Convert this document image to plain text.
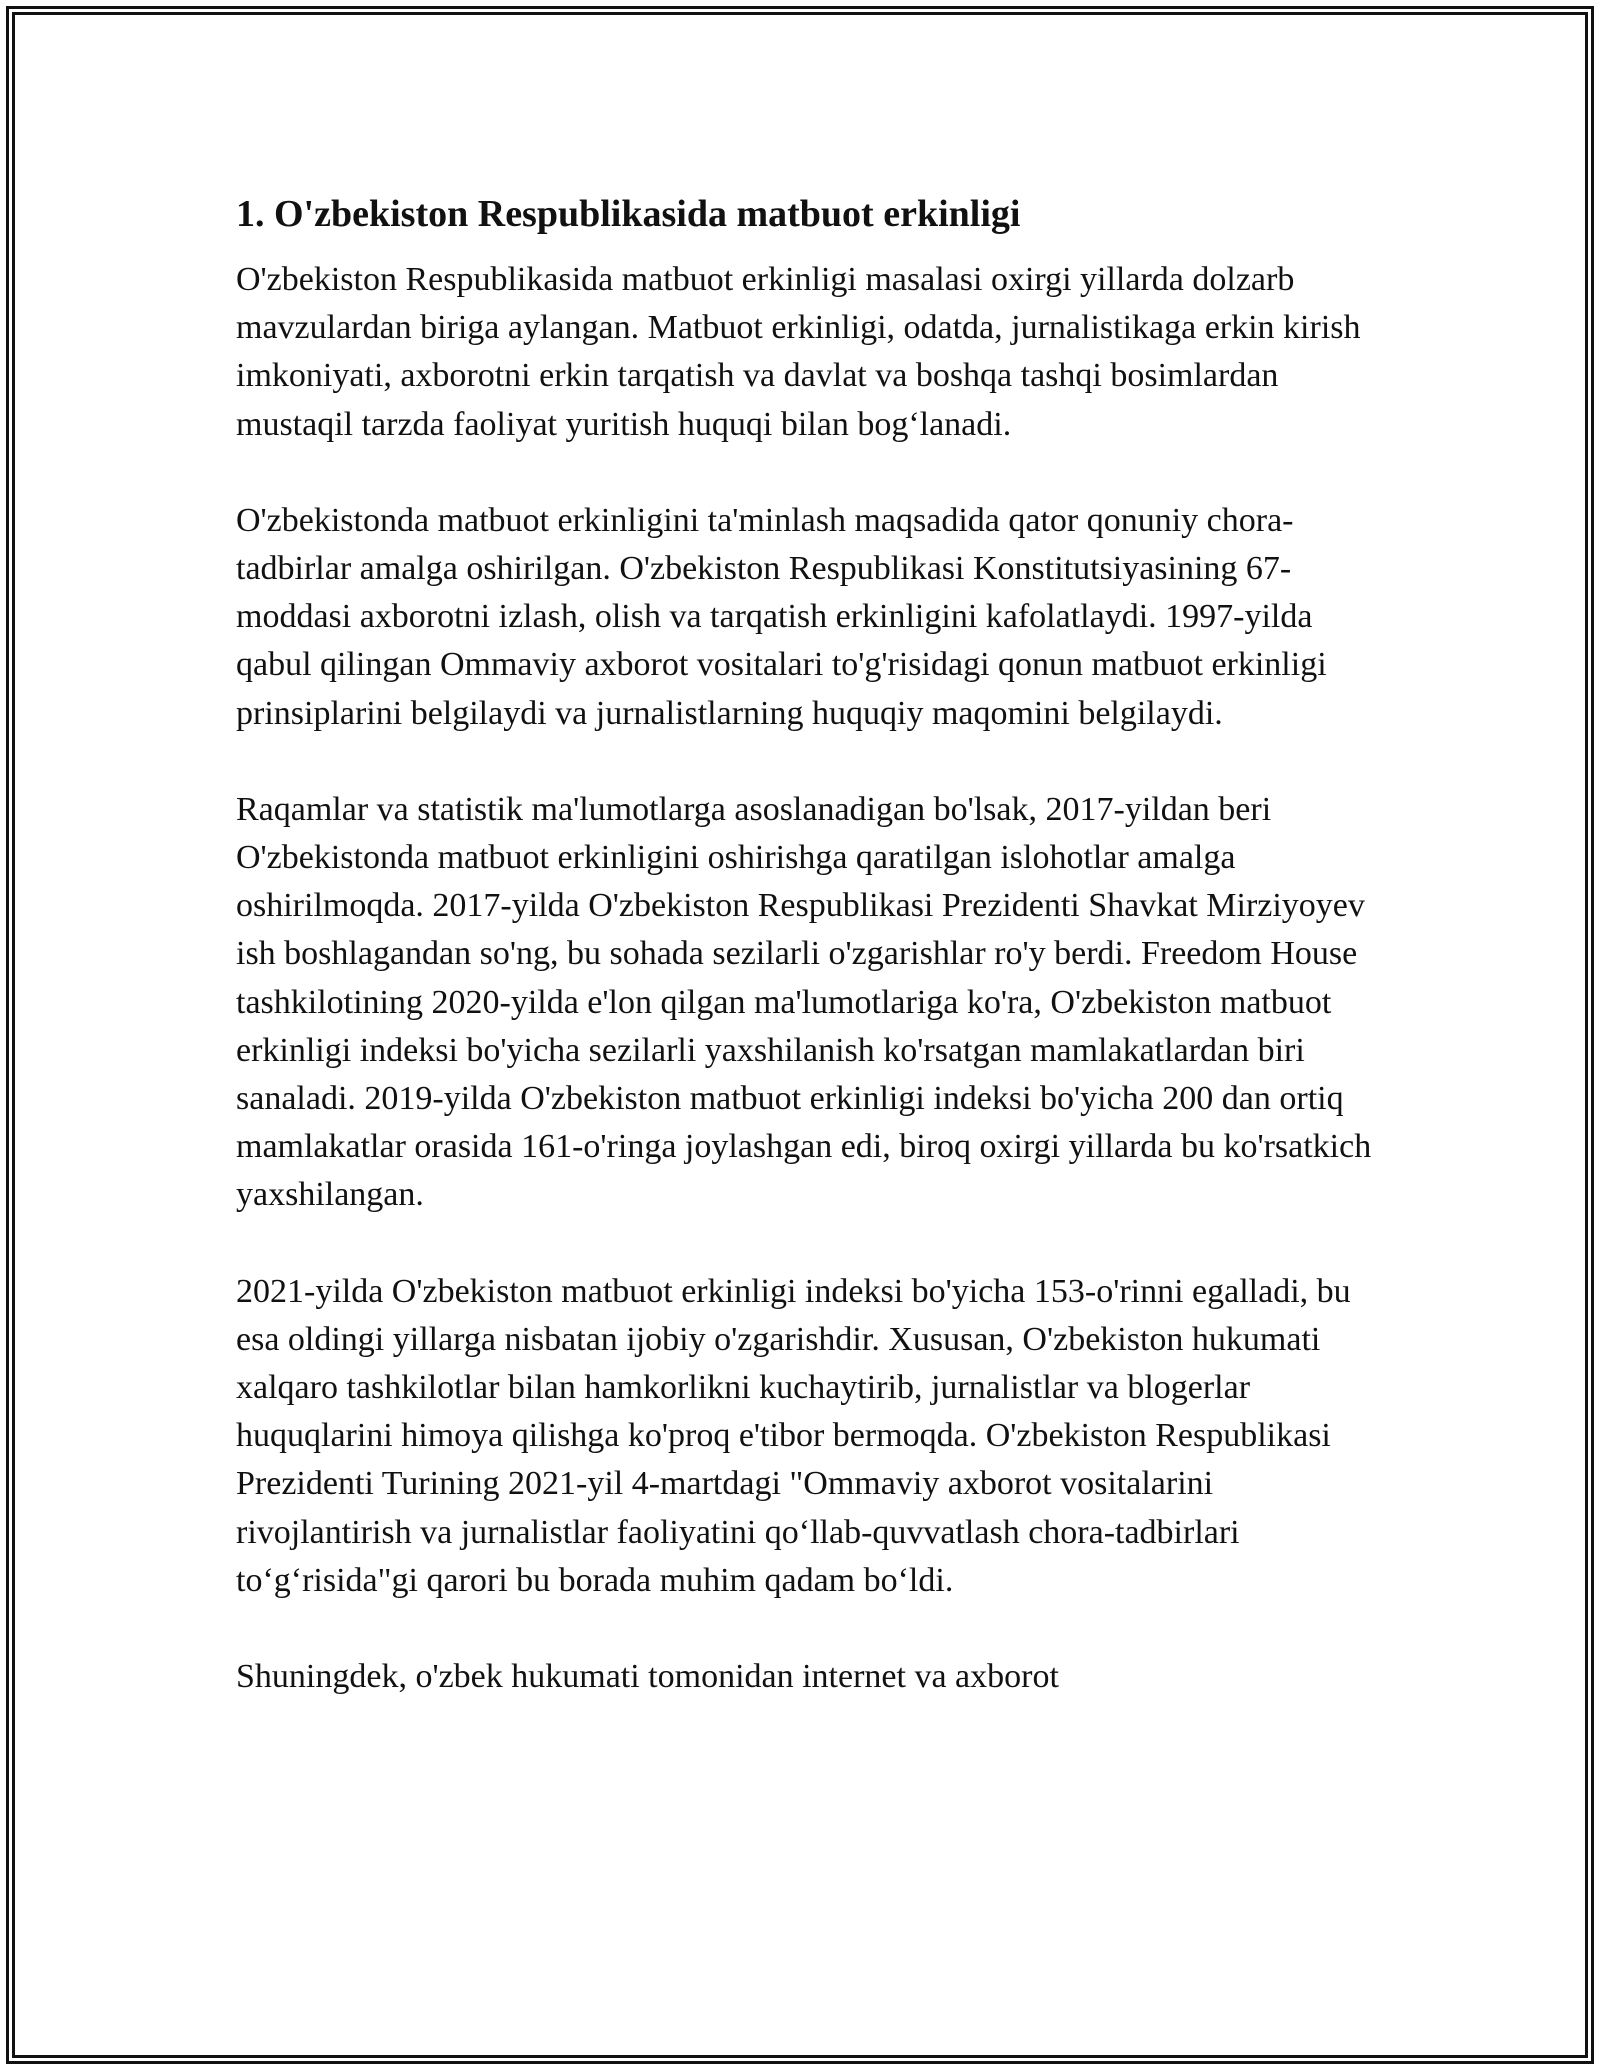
1. O'zbekiston Respublikasida matbuot erkinligi

O'zbekiston Respublikasida matbuot erkinligi masalasi oxirgi yillarda dolzarb mavzulardan biriga aylangan. Matbuot erkinligi, odatda, jurnalistikaga erkin kirish imkoniyati, axborotni erkin tarqatish va davlat va boshqa tashqi bosimlardan mustaqil tarzda faoliyat yuritish huquqi bilan bog‘lanadi.

O'zbekistonda matbuot erkinligini ta'minlash maqsadida qator qonuniy chora-tadbirlar amalga oshirilgan. O'zbekiston Respublikasi Konstitutsiyasining 67-moddasi axborotni izlash, olish va tarqatish erkinligini kafolatlaydi. 1997-yilda qabul qilingan Ommaviy axborot vositalari to'g'risidagi qonun matbuot erkinligi prinsiplarini belgilaydi va jurnalistlarning huquqiy maqomini belgilaydi.

Raqamlar va statistik ma'lumotlarga asoslanadigan bo'lsak, 2017-yildan beri O'zbekistonda matbuot erkinligini oshirishga qaratilgan islohotlar amalga oshirilmoqda. 2017-yilda O'zbekiston Respublikasi Prezidenti Shavkat Mirziyoyev ish boshlagandan so'ng, bu sohada sezilarli o'zgarishlar ro'y berdi. Freedom House tashkilotining 2020-yilda e'lon qilgan ma'lumotlariga ko'ra, O'zbekiston matbuot erkinligi indeksi bo'yicha sezilarli yaxshilanish ko'rsatgan mamlakatlardan biri sanaladi. 2019-yilda O'zbekiston matbuot erkinligi indeksi bo'yicha 200 dan ortiq mamlakatlar orasida 161-o'ringa joylashgan edi, biroq oxirgi yillarda bu ko'rsatkich yaxshilangan.

2021-yilda O'zbekiston matbuot erkinligi indeksi bo'yicha 153-o'rinni egalladi, bu esa oldingi yillarga nisbatan ijobiy o'zgarishdir. Xususan, O'zbekiston hukumati xalqaro tashkilotlar bilan hamkorlikni kuchaytirib, jurnalistlar va blogerlar huquqlarini himoya qilishga ko'proq e'tibor bermoqda. O'zbekiston Respublikasi Prezidenti Turining 2021-yil 4-martdagi "Ommaviy axborot vositalarini rivojlantirish va jurnalistlar faoliyatini qo‘llab-quvvatlash chora-tadbirlari to‘g‘risida"gi qarori bu borada muhim qadam bo‘ldi.

Shuningdek, o'zbek hukumati tomonidan internet va axborot
